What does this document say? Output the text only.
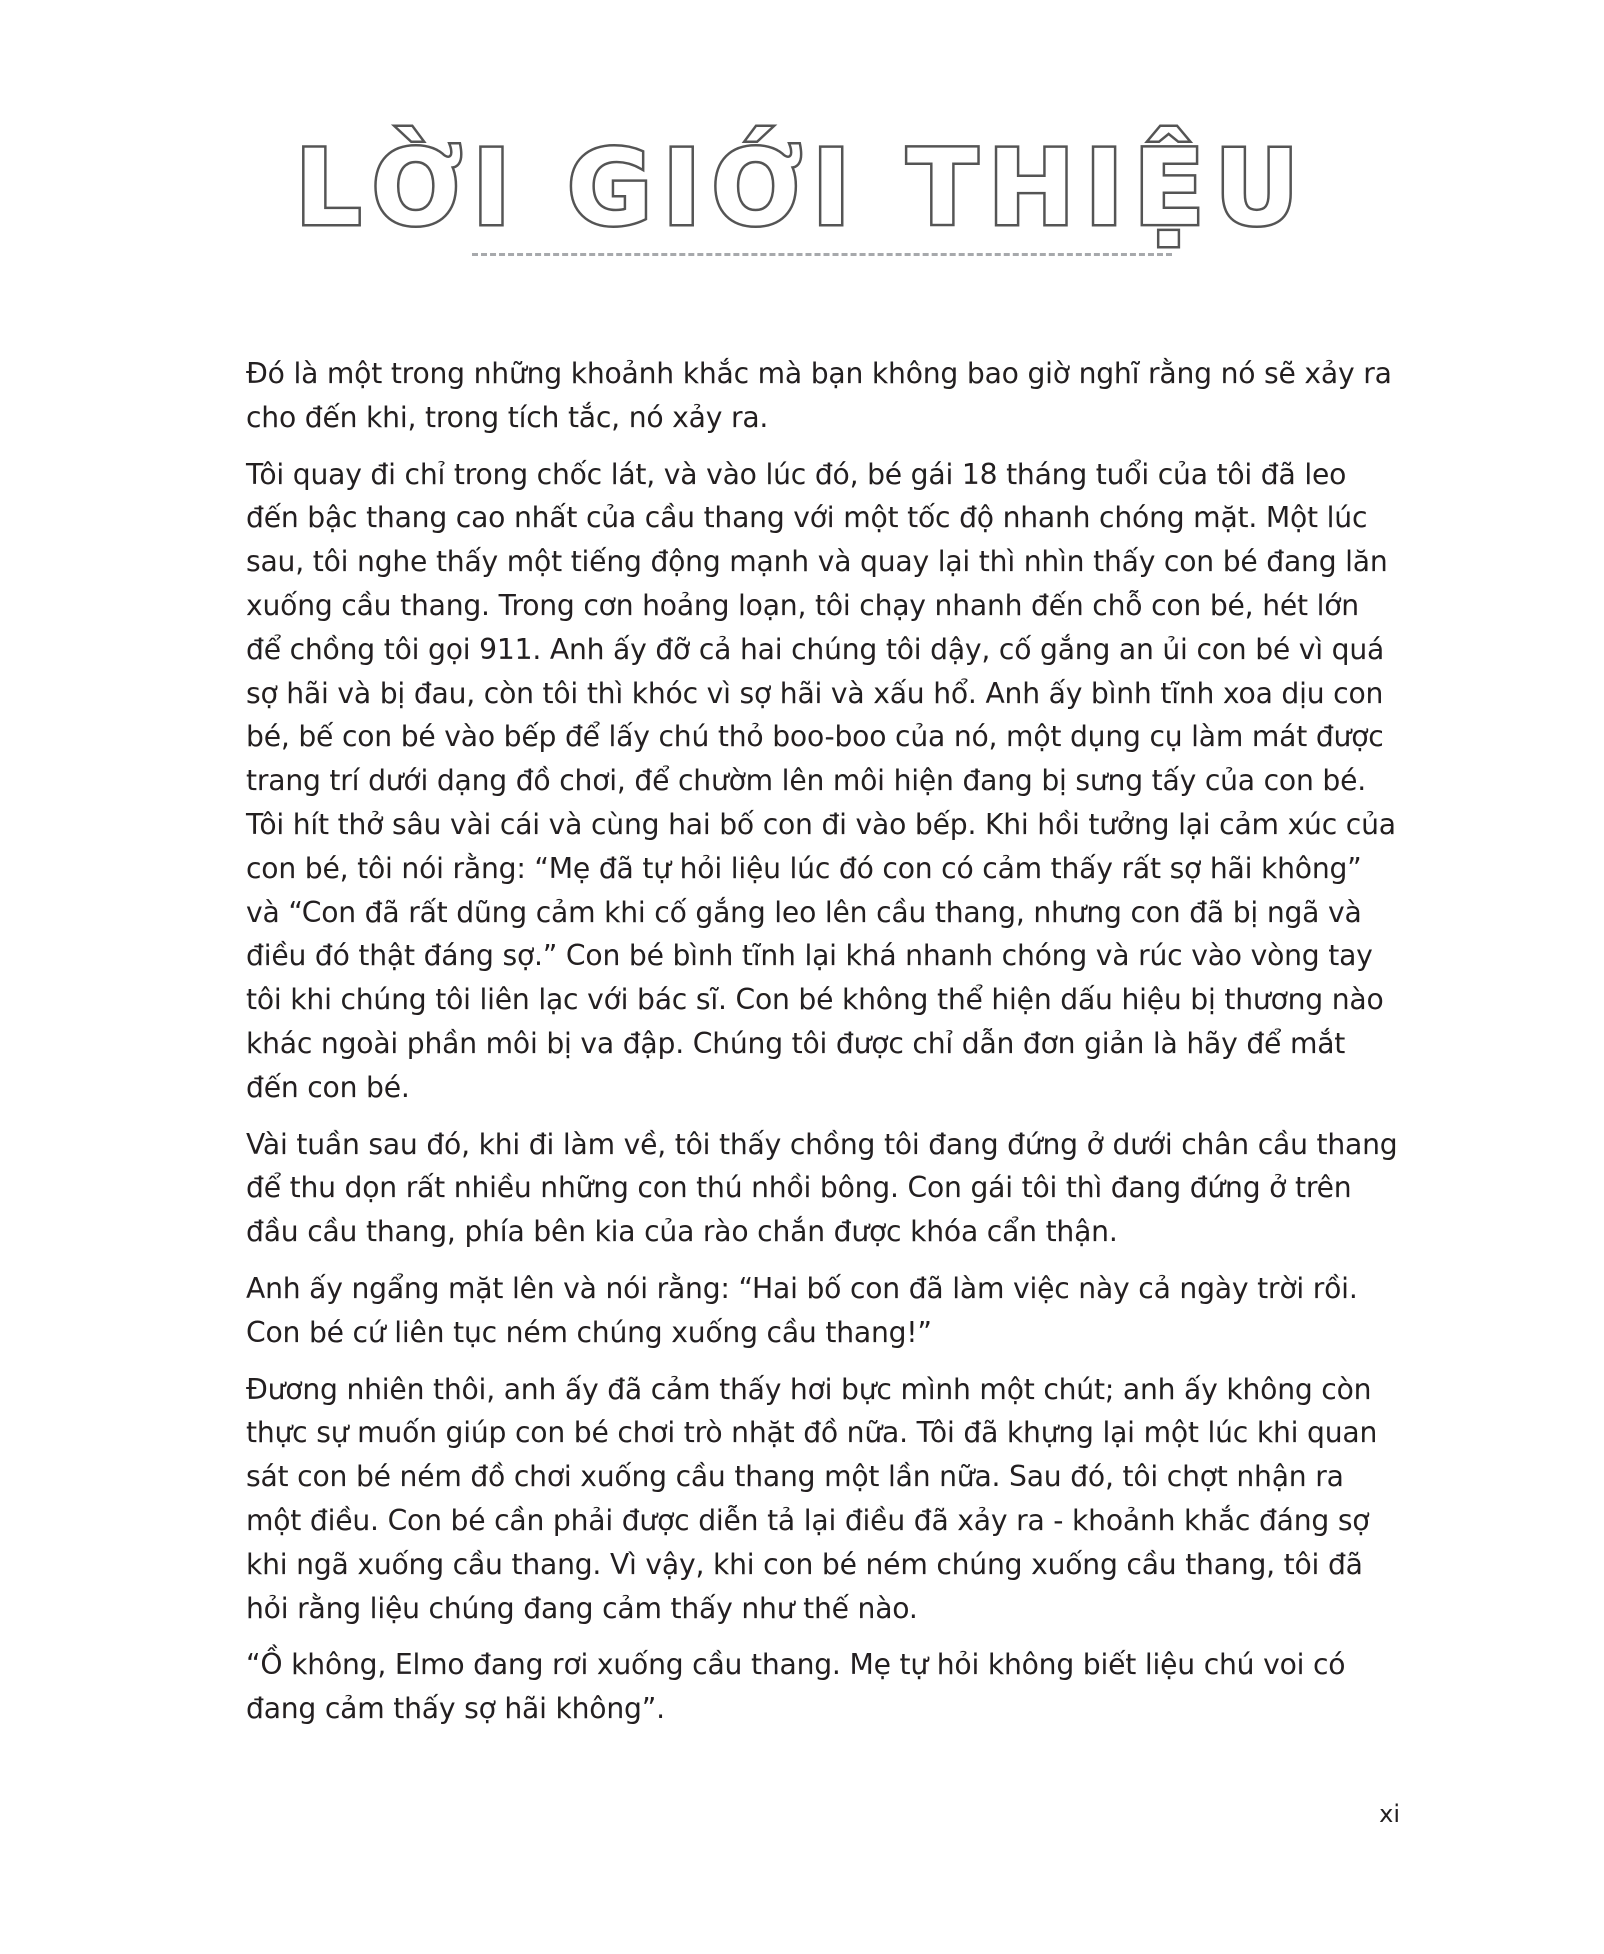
LỜI GIỚI THIỆU

Đó là một trong những khoảnh khắc mà bạn không bao giờ nghĩ rằng nó sẽ xảy ra cho đến khi, trong tích tắc, nó xảy ra.

Tôi quay đi chỉ trong chốc lát, và vào lúc đó, bé gái 18 tháng tuổi của tôi đã leo đến bậc thang cao nhất của cầu thang với một tốc độ nhanh chóng mặt. Một lúc sau, tôi nghe thấy một tiếng động mạnh và quay lại thì nhìn thấy con bé đang lăn xuống cầu thang. Trong cơn hoảng loạn, tôi chạy nhanh đến chỗ con bé, hét lớn để chồng tôi gọi 911. Anh ấy đỡ cả hai chúng tôi dậy, cố gắng an ủi con bé vì quá sợ hãi và bị đau, còn tôi thì khóc vì sợ hãi và xấu hổ. Anh ấy bình tĩnh xoa dịu con bé, bế con bé vào bếp để lấy chú thỏ boo-boo của nó, một dụng cụ làm mát được trang trí dưới dạng đồ chơi, để chườm lên môi hiện đang bị sưng tấy của con bé. Tôi hít thở sâu vài cái và cùng hai bố con đi vào bếp. Khi hồi tưởng lại cảm xúc của con bé, tôi nói rằng: “Mẹ đã tự hỏi liệu lúc đó con có cảm thấy rất sợ hãi không” và “Con đã rất dũng cảm khi cố gắng leo lên cầu thang, nhưng con đã bị ngã và điều đó thật đáng sợ.” Con bé bình tĩnh lại khá nhanh chóng và rúc vào vòng tay tôi khi chúng tôi liên lạc với bác sĩ. Con bé không thể hiện dấu hiệu bị thương nào khác ngoài phần môi bị va đập. Chúng tôi được chỉ dẫn đơn giản là hãy để mắt đến con bé.

Vài tuần sau đó, khi đi làm về, tôi thấy chồng tôi đang đứng ở dưới chân cầu thang để thu dọn rất nhiều những con thú nhồi bông. Con gái tôi thì đang đứng ở trên đầu cầu thang, phía bên kia của rào chắn được khóa cẩn thận.

Anh ấy ngẩng mặt lên và nói rằng: “Hai bố con đã làm việc này cả ngày trời rồi. Con bé cứ liên tục ném chúng xuống cầu thang!”

Đương nhiên thôi, anh ấy đã cảm thấy hơi bực mình một chút; anh ấy không còn thực sự muốn giúp con bé chơi trò nhặt đồ nữa. Tôi đã khựng lại một lúc khi quan sát con bé ném đồ chơi xuống cầu thang một lần nữa. Sau đó, tôi chợt nhận ra một điều. Con bé cần phải được diễn tả lại điều đã xảy ra - khoảnh khắc đáng sợ khi ngã xuống cầu thang. Vì vậy, khi con bé ném chúng xuống cầu thang, tôi đã hỏi rằng liệu chúng đang cảm thấy như thế nào.

“Ồ không, Elmo đang rơi xuống cầu thang. Mẹ tự hỏi không biết liệu chú voi có đang cảm thấy sợ hãi không”.

xi
